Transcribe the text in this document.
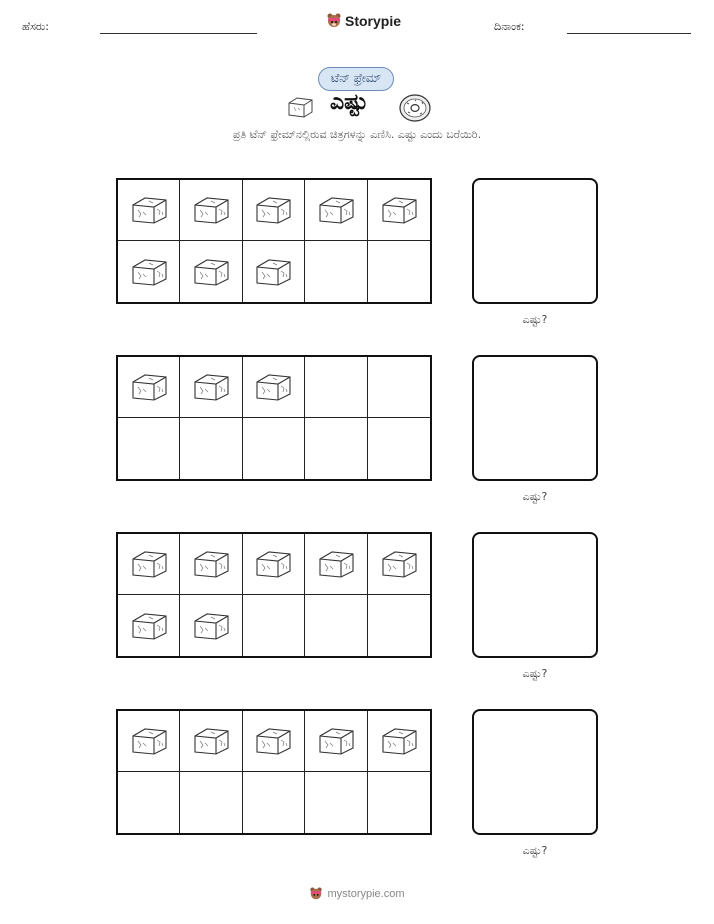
ಹೆಸರು:	Storypie	ದಿನಾಂಕ:
ಟೆನ್ ಫ್ರೇಮ್
ಎಷ್ಟು
ಪ್ರತಿ ಟೆನ್ ಫ್ರೇಮ್‌ನಲ್ಲಿರುವ ಚಿತ್ರಗಳನ್ನು ಎಣಿಸಿ. ಎಷ್ಟು ಎಂದು ಬರೆಯಿರಿ.
ಎಷ್ಟು?
ಎಷ್ಟು?
ಎಷ್ಟು?
ಎಷ್ಟು?
mystorypie.com
